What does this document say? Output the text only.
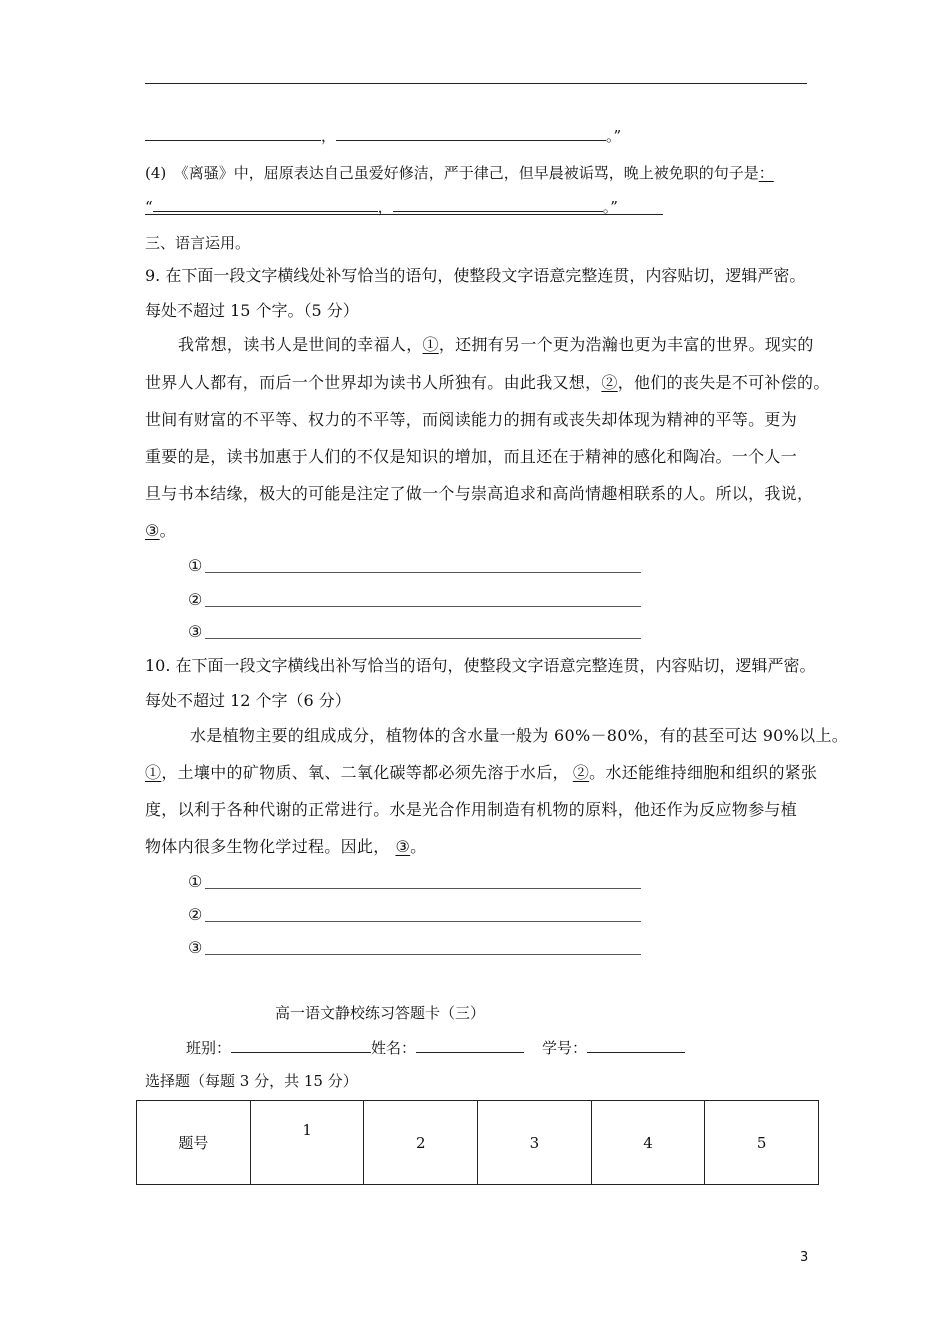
，	。”
(4)　《离骚》中，屈原表达自己虽爱好修洁，严于律己，但早晨被诟骂，晚上被免职的句子是：
“	，	。”
三、语言运用。
9. 在下面一段文字横线处补写恰当的语句，使整段文字语意完整连贯，内容贴切，逻辑严密。
每处不超过 15 个字。（5 分）
我常想，读书人是世间的幸福人，①，还拥有另一个更为浩瀚也更为丰富的世界。现实的
世界人人都有，而后一个世界却为读书人所独有。由此我又想，②，他们的丧失是不可补偿的。
世间有财富的不平等、权力的不平等，而阅读能力的拥有或丧失却体现为精神的平等。更为
重要的是，读书加惠于人们的不仅是知识的增加，而且还在于精神的感化和陶冶。一个人一
旦与书本结缘，极大的可能是注定了做一个与崇高追求和高尚情趣相联系的人。所以，我说，
③。
①
②
③
10. 在下面一段文字横线出补写恰当的语句，使整段文字语意完整连贯，内容贴切，逻辑严密。
每处不超过 12 个字（6 分）
水是植物主要的组成成分，植物体的含水量一般为 60%－80%，有的甚至可达 90%以上。
①，土壤中的矿物质、氧、二氧化碳等都必须先溶于水后， ②。水还能维持细胞和组织的紧张
度，以利于各种代谢的正常进行。水是光合作用制造有机物的原料，他还作为反应物参与植
物体内很多生物化学过程。因此， ③。
①
②
③
高一语文静校练习答题卡（三）
班别：	姓名：	学号：
选择题（每题 3 分，共 15 分）
题号	1	2	3	4	5
3
